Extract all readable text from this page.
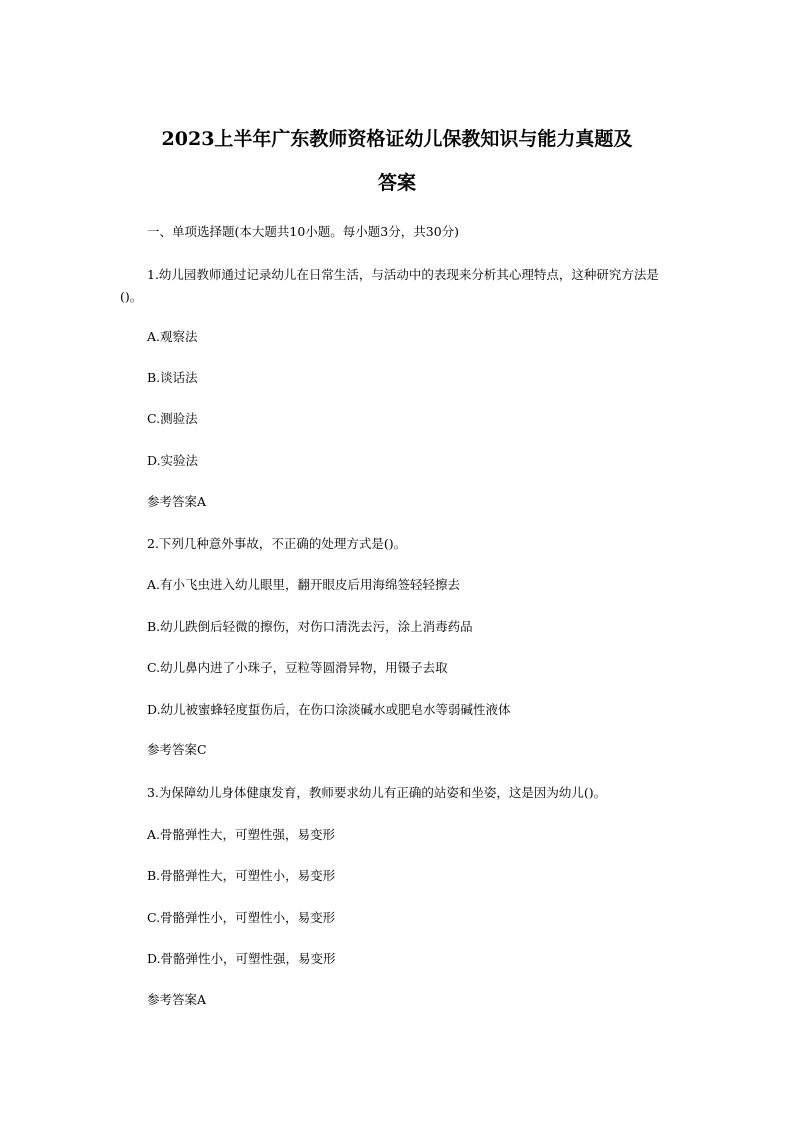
2023上半年广东教师资格证幼儿保教知识与能力真题及
答案
一、单项选择题(本大题共10小题。每小题3分，共30分)
1.幼儿园教师通过记录幼儿在日常生活，与活动中的表现来分析其心理特点，这种研究方法是()。
A.观察法
B.谈话法
C.测验法
D.实验法
参考答案A
2.下列几种意外事故，不正确的处理方式是()。
A.有小飞虫进入幼儿眼里，翻开眼皮后用海绵签轻轻擦去
B.幼儿跌倒后轻微的擦伤，对伤口清洗去污，涂上消毒药品
C.幼儿鼻内进了小珠子，豆粒等圆滑异物，用镊子去取
D.幼儿被蜜蜂轻度蜇伤后，在伤口涂淡碱水或肥皂水等弱碱性液体
参考答案C
3.为保障幼儿身体健康发育，教师要求幼儿有正确的站姿和坐姿，这是因为幼儿()。
A.骨骼弹性大，可塑性强，易变形
B.骨骼弹性大，可塑性小，易变形
C.骨骼弹性小，可塑性小，易变形
D.骨骼弹性小，可塑性强，易变形
参考答案A
